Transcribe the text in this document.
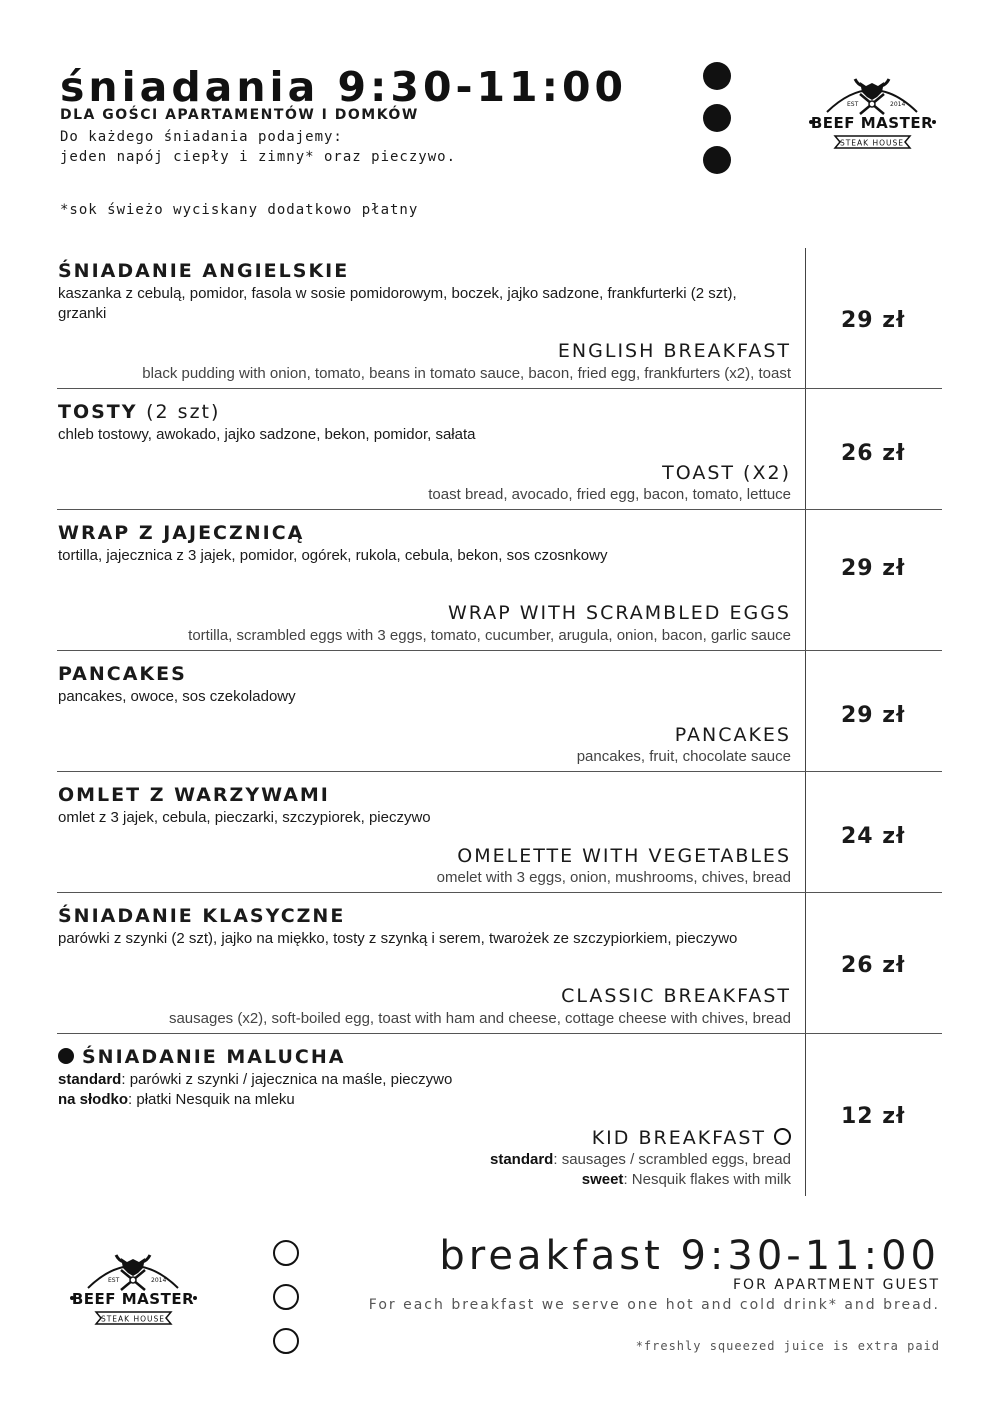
śniadania 9:30-11:00
DLA GOŚCI APARTAMENTÓW I DOMKÓW
Do każdego śniadania podajemy:
jeden napój ciepły i zimny* oraz pieczywo.
*sok świeżo wyciskany dodatkowo płatny
EST	2014
BEEF MASTER
STEAK HOUSE
ŚNIADANIE ANGIELSKIE
kaszanka z cebulą, pomidor, fasola w sosie pomidorowym, boczek, jajko sadzone, frankfurterki (2 szt), grzanki
ENGLISH BREAKFAST
black pudding with onion, tomato, beans in tomato sauce, bacon, fried egg, frankfurters (x2), toast
29 zł
TOSTY (2 szt)
chleb tostowy, awokado, jajko sadzone, bekon, pomidor, sałata
TOAST (X2)
toast bread, avocado, fried egg, bacon, tomato, lettuce
26 zł
WRAP Z JAJECZNICĄ
tortilla, jajecznica z 3 jajek, pomidor, ogórek, rukola, cebula, bekon, sos czosnkowy
WRAP WITH SCRAMBLED EGGS
tortilla, scrambled eggs with 3 eggs, tomato, cucumber, arugula, onion, bacon, garlic sauce
29 zł
PANCAKES
pancakes, owoce, sos czekoladowy
PANCAKES
pancakes, fruit, chocolate sauce
29 zł
OMLET Z WARZYWAMI
omlet z 3 jajek, cebula, pieczarki, szczypiorek, pieczywo
OMELETTE WITH VEGETABLES
omelet with 3 eggs, onion, mushrooms, chives, bread
24 zł
ŚNIADANIE KLASYCZNE
parówki z szynki (2 szt), jajko na miękko, tosty z szynką i serem, twarożek ze szczypiorkiem, pieczywo
CLASSIC BREAKFAST
sausages (x2), soft-boiled egg, toast with ham and cheese, cottage cheese with chives, bread
26 zł
ŚNIADANIE MALUCHA
standard: parówki z szynki / jajecznica na maśle, pieczywo
na słodko: płatki Nesquik na mleku
KID BREAKFAST
standard: sausages / scrambled eggs, bread
sweet: Nesquik flakes with milk
12 zł
EST	2014
BEEF MASTER
STEAK HOUSE
breakfast 9:30-11:00
FOR APARTMENT GUEST
For each breakfast we serve one hot and cold drink* and bread.
*freshly squeezed juice is extra paid
